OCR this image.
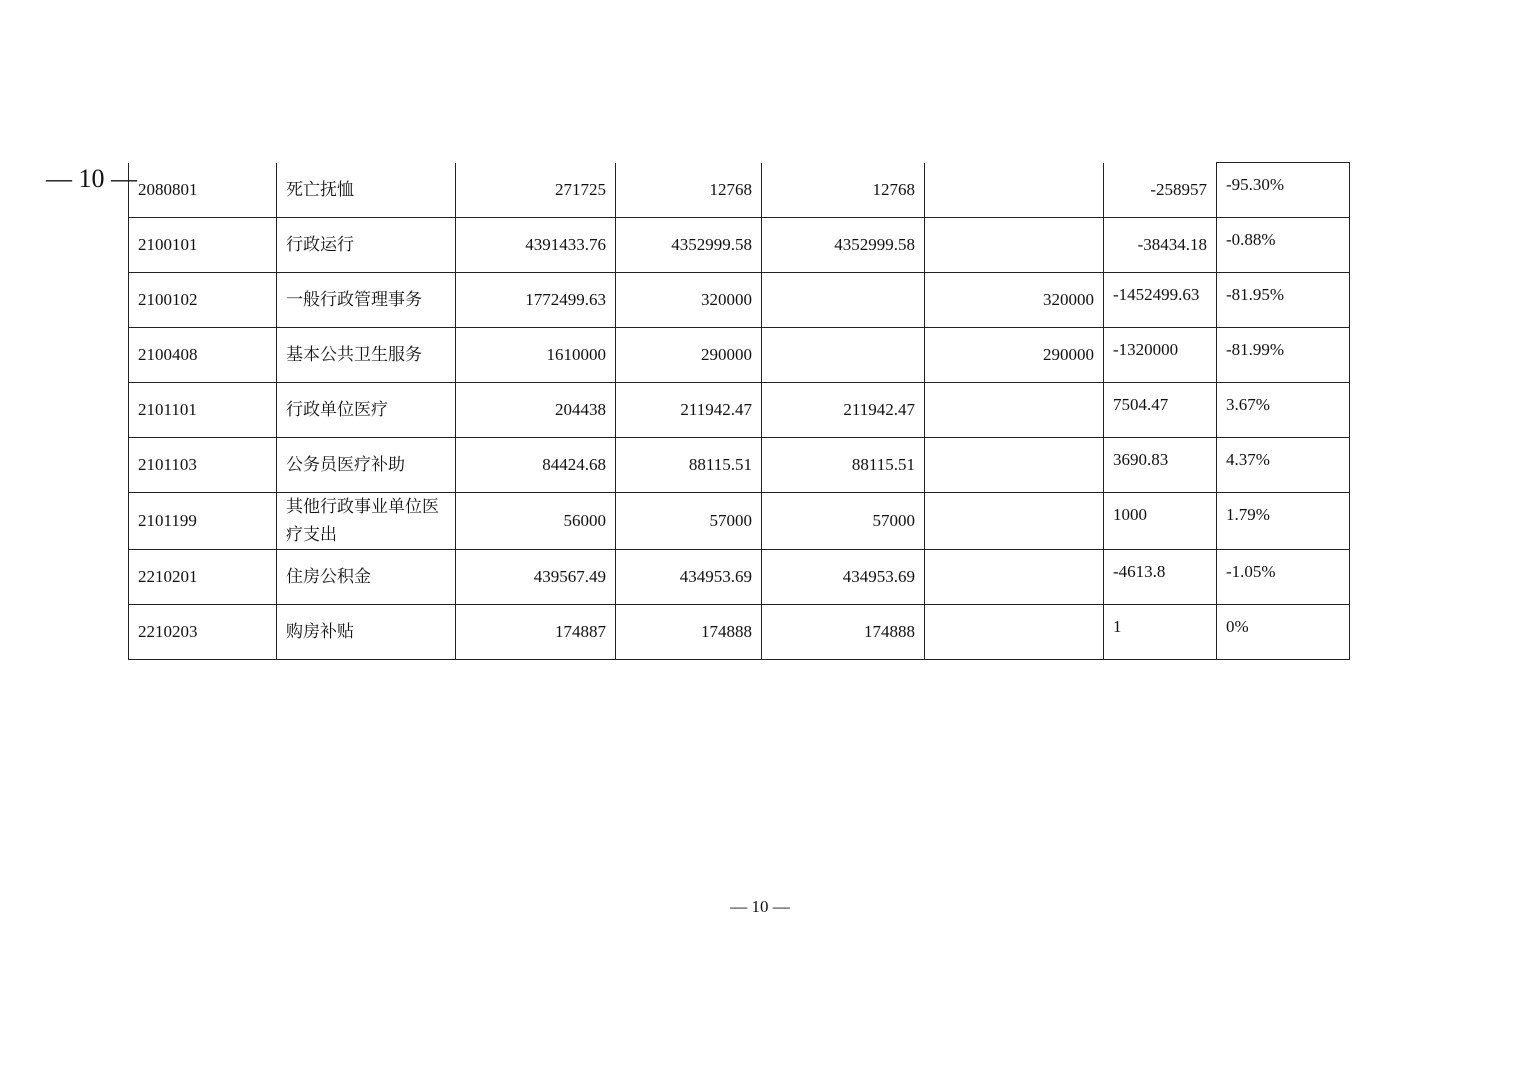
— 10 — 2080801	死亡抚恤	271725	12768	12768		-258957	-95.30%
2100101	行政运行	4391433.76	4352999.58	4352999.58		-38434.18	-0.88%
2100102	一般行政管理事务	1772499.63	320000		320000	-1452499.63	-81.95%
2100408	基本公共卫生服务	1610000	290000		290000	-1320000	-81.99%
2101101	行政单位医疗	204438	211942.47	211942.47		7504.47	3.67%
2101103	公务员医疗补助	84424.68	88115.51	88115.51		3690.83	4.37%
2101199	其他行政事业单位医疗支出	56000	57000	57000		1000	1.79%
2210201	住房公积金	439567.49	434953.69	434953.69		-4613.8	-1.05%
2210203	购房补贴	174887	174888	174888		1	0%
— 10 —
